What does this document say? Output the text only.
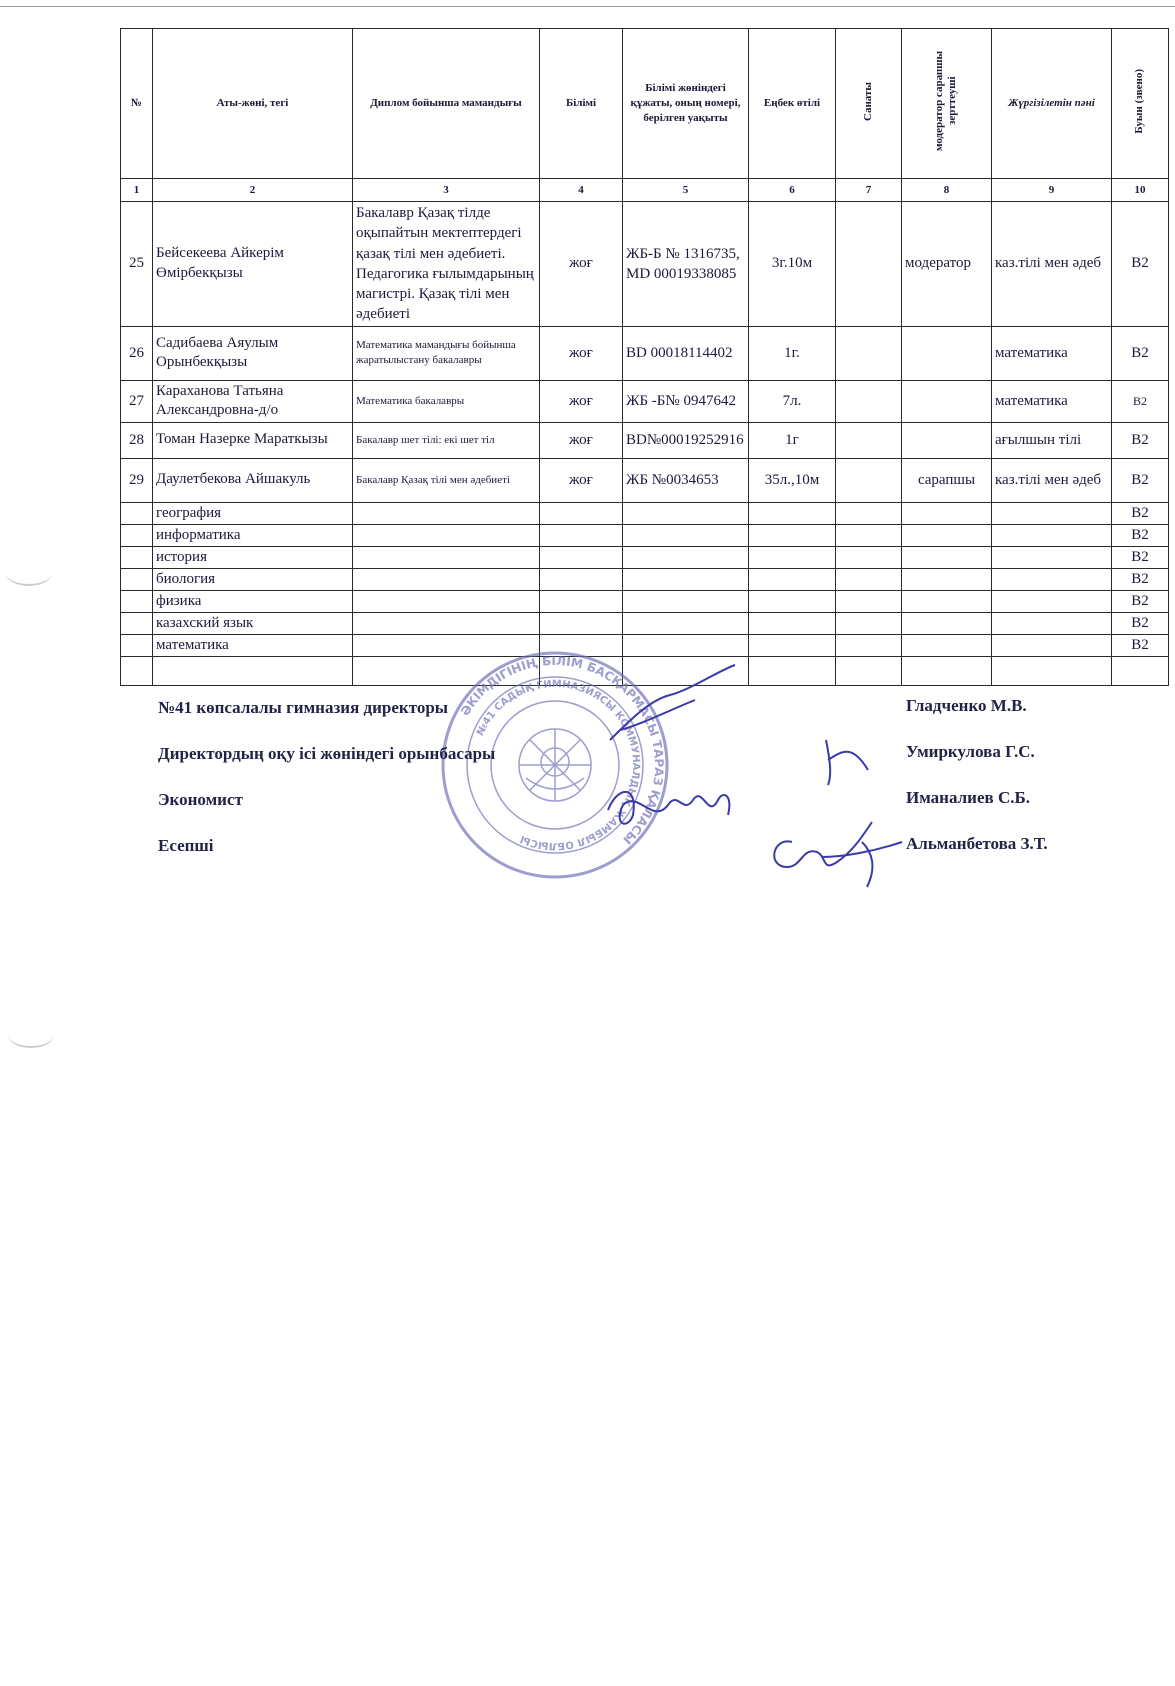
№	Аты-жөні, тегі	Диплом бойынша мамандығы	Білімі	Білімі жөніндегі құжаты, оның номері, берілген уақыты	Еңбек өтілі	Санаты	модератор сарапшы зерттеуші	Жүргізілетін пәні	Буын (звено)
1	2	3	4	5	6	7	8	9	10
25	Бейсекеева Айкерім Өмірбекқызы	Бакалавр Қазақ тілде оқыпайтын мектептердегі қазақ тілі мен әдебиеті. Педагогика ғылымдарының магистрі. Қазақ тілі мен әдебиеті	жоғ	ЖБ-Б № 1316735, MD 00019338085	3г.10м		модератор	каз.тілі мен әдеб	B2
26	Садибаева Аяулым Орынбекқызы	Математика мамандығы бойынша жаратылыстану бакалавры	жоғ	BD 00018114402	1г.			математика	B2
27	Караханова Татьяна Александровна-д/о	Математика бакалавры	жоғ	ЖБ -Б№ 0947642	7л.			математика	B2
28	Томан Назерке Мараткызы	Бакалавр шет тілі: екі шет тіл	жоғ	BD№00019252916	1г			ағылшын тілі	B2
29	Даулетбекова Айшакуль	Бакалавр Қазақ тілі мен әдебиеті	жоғ	ЖБ №0034653	35л.,10м		сарапшы	каз.тілі мен әдеб	B2
	география								B2
	информатика								B2
	история								B2
	биология								B2
	физика								B2
	казахский язык								B2
	математика								B2

ӘКІМДІГІНІҢ БІЛІМ БАСҚАРМАСЫ ТАРАЗ ҚАЛАСЫ
№41 САДЫҚ ГИМНАЗИЯСЫ КОММУНАЛДЫҚ ЖАМБЫЛ ОБЛЫСЫ
№41 көпсалалы гимназия директоры	Гладченко М.В.
Директордың оқу ісі жөніндегі орынбасары	Умиркулова Г.С.
Экономист	Иманалиев С.Б.
Есепші	Альманбетова З.Т.
